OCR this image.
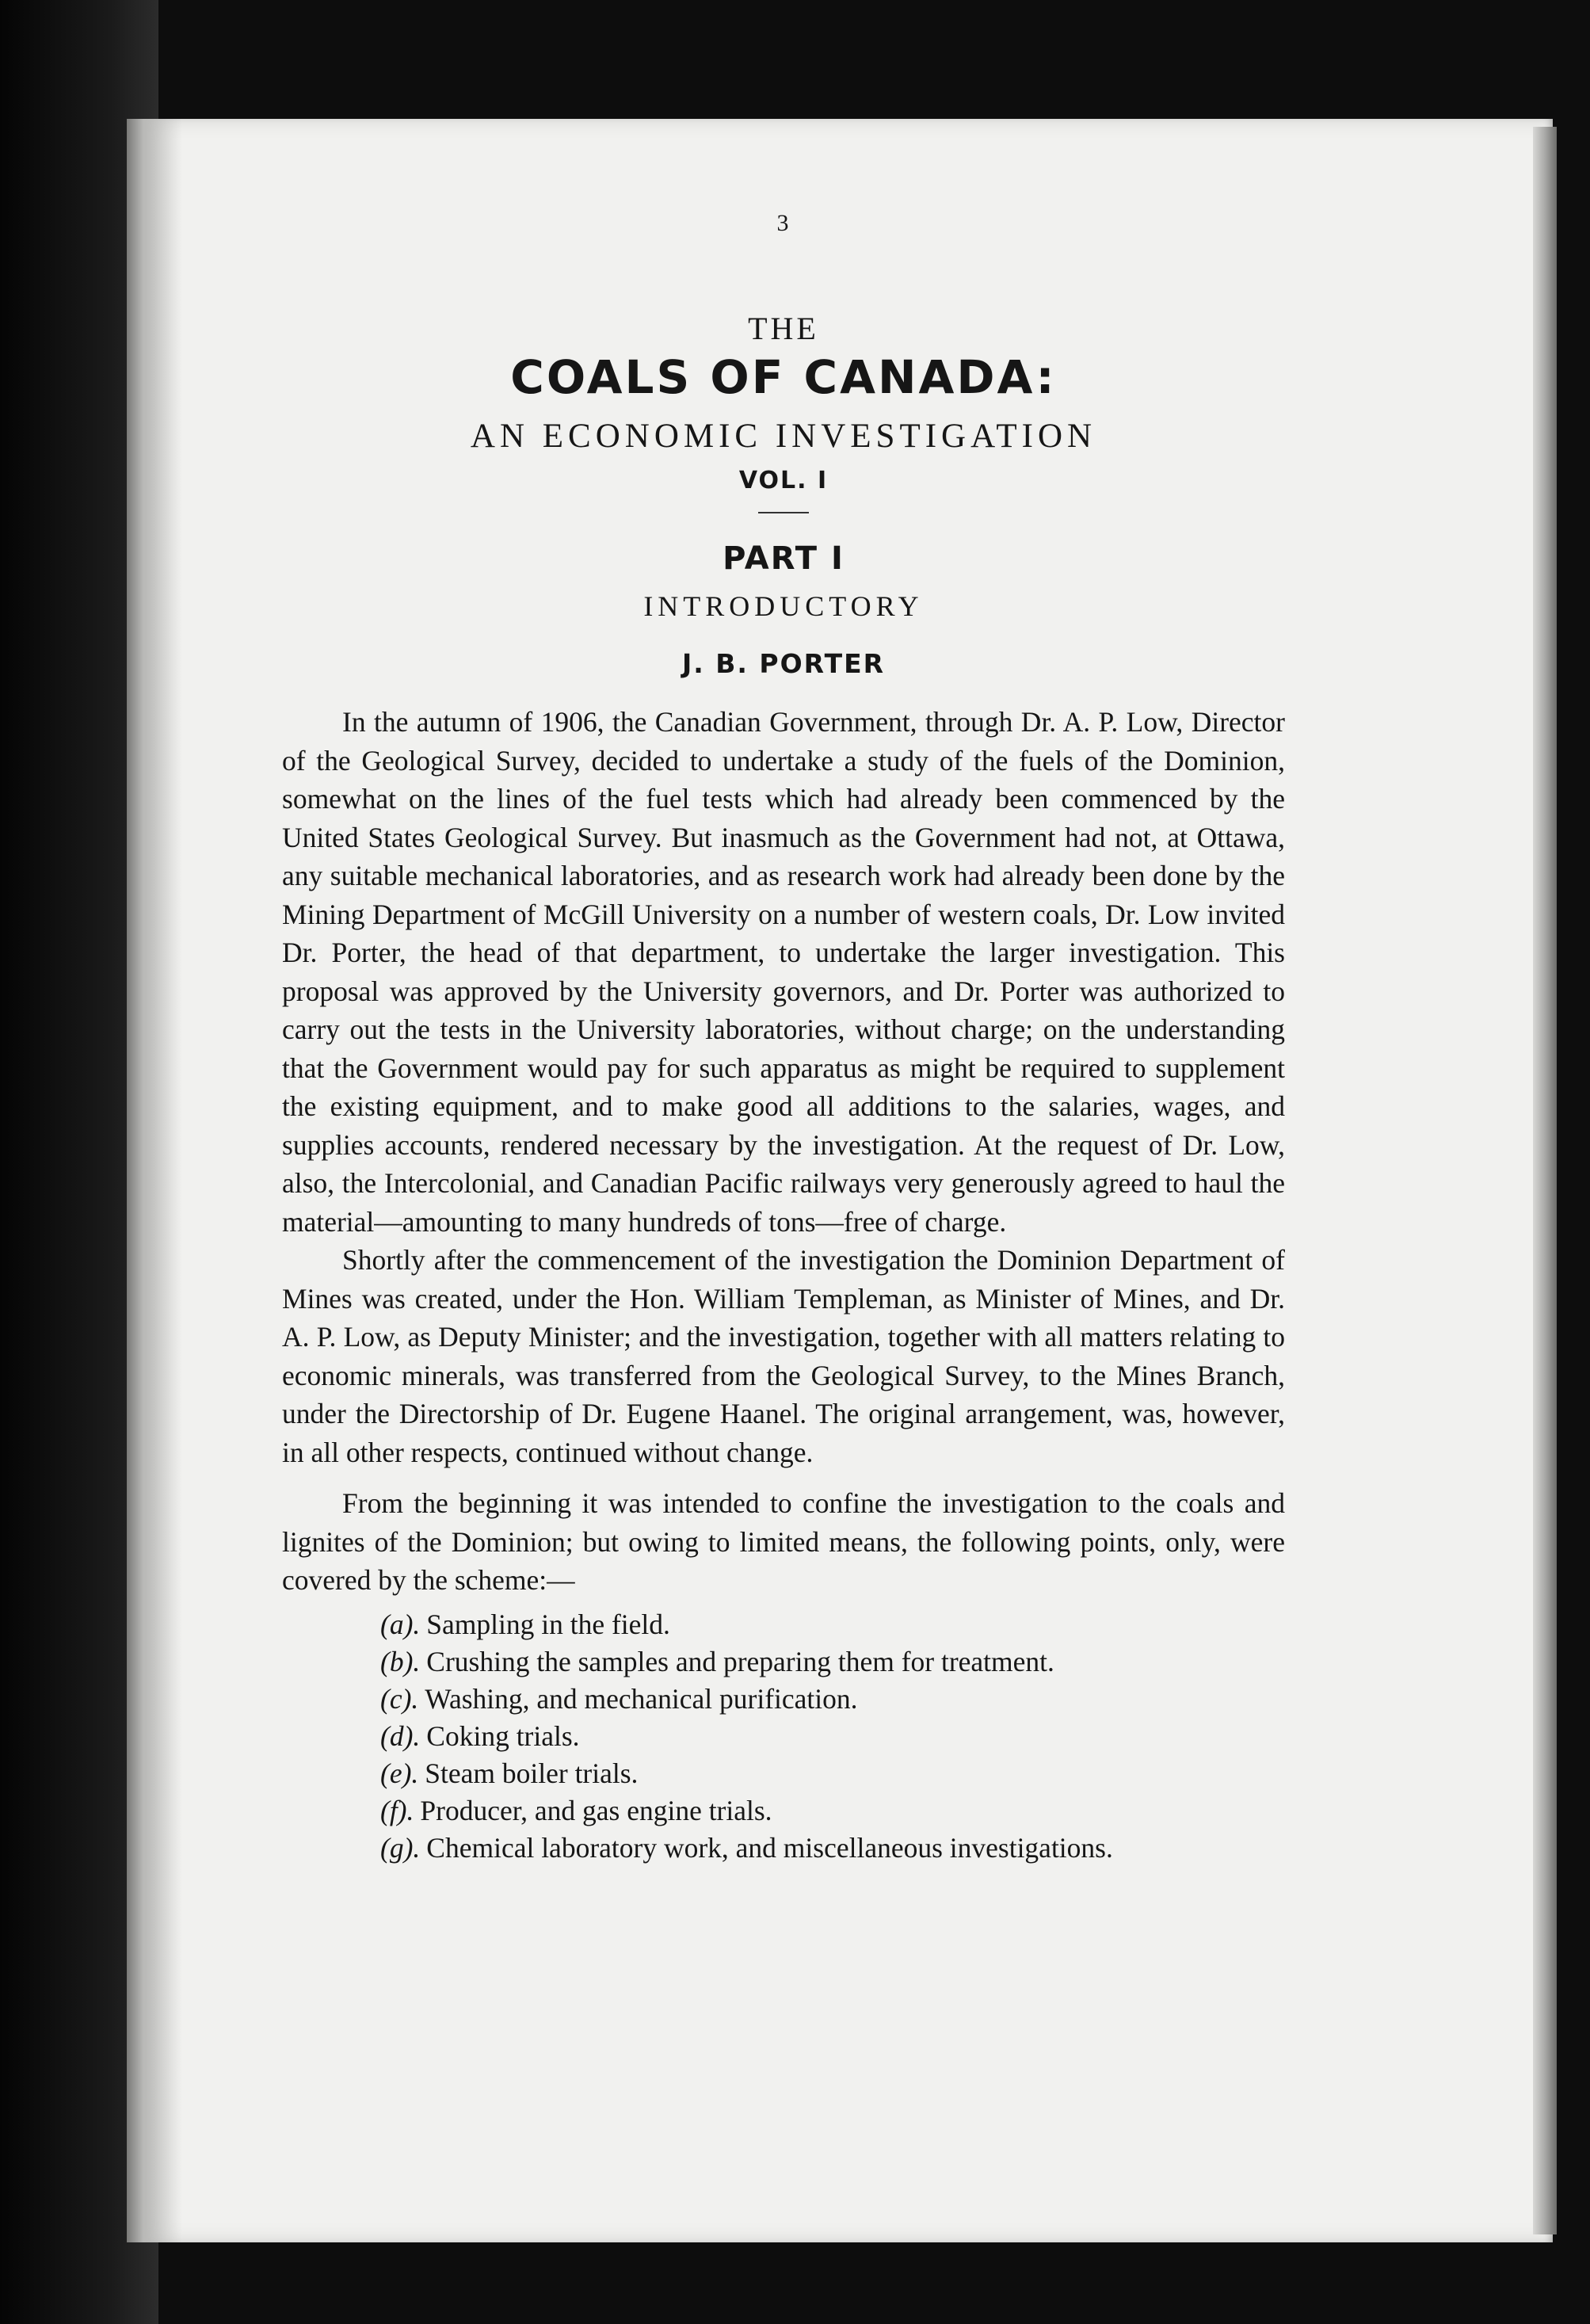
3
THE
COALS OF CANADA:
AN ECONOMIC INVESTIGATION
VOL. I
PART I
INTRODUCTORY
J. B. PORTER

In the autumn of 1906, the Canadian Government, through Dr. A. P. Low, Director of the Geological Survey, decided to undertake a study of the fuels of the Dominion, somewhat on the lines of the fuel tests which had already been commenced by the United States Geological Survey. But inasmuch as the Government had not, at Ottawa, any suitable mechanical laboratories, and as research work had already been done by the Mining Department of McGill University on a number of western coals, Dr. Low invited Dr. Porter, the head of that department, to undertake the larger investigation. This proposal was approved by the University governors, and Dr. Porter was authorized to carry out the tests in the University laboratories, without charge; on the understanding that the Government would pay for such apparatus as might be required to supplement the existing equipment, and to make good all additions to the salaries, wages, and supplies accounts, rendered necessary by the investigation. At the request of Dr. Low, also, the Intercolonial, and Canadian Pacific railways very generously agreed to haul the material—amounting to many hundreds of tons—free of charge.

Shortly after the commencement of the investigation the Dominion Department of Mines was created, under the Hon. William Templeman, as Minister of Mines, and Dr. A. P. Low, as Deputy Minister; and the investigation, together with all matters relating to economic minerals, was transferred from the Geological Survey, to the Mines Branch, under the Directorship of Dr. Eugene Haanel. The original arrangement, was, however, in all other respects, continued without change.

From the beginning it was intended to confine the investigation to the coals and lignites of the Dominion; but owing to limited means, the following points, only, were covered by the scheme:—

(a). Sampling in the field.
(b). Crushing the samples and preparing them for treatment.
(c). Washing, and mechanical purification.
(d). Coking trials.
(e). Steam boiler trials.
(f). Producer, and gas engine trials.
(g). Chemical laboratory work, and miscellaneous investigations.
